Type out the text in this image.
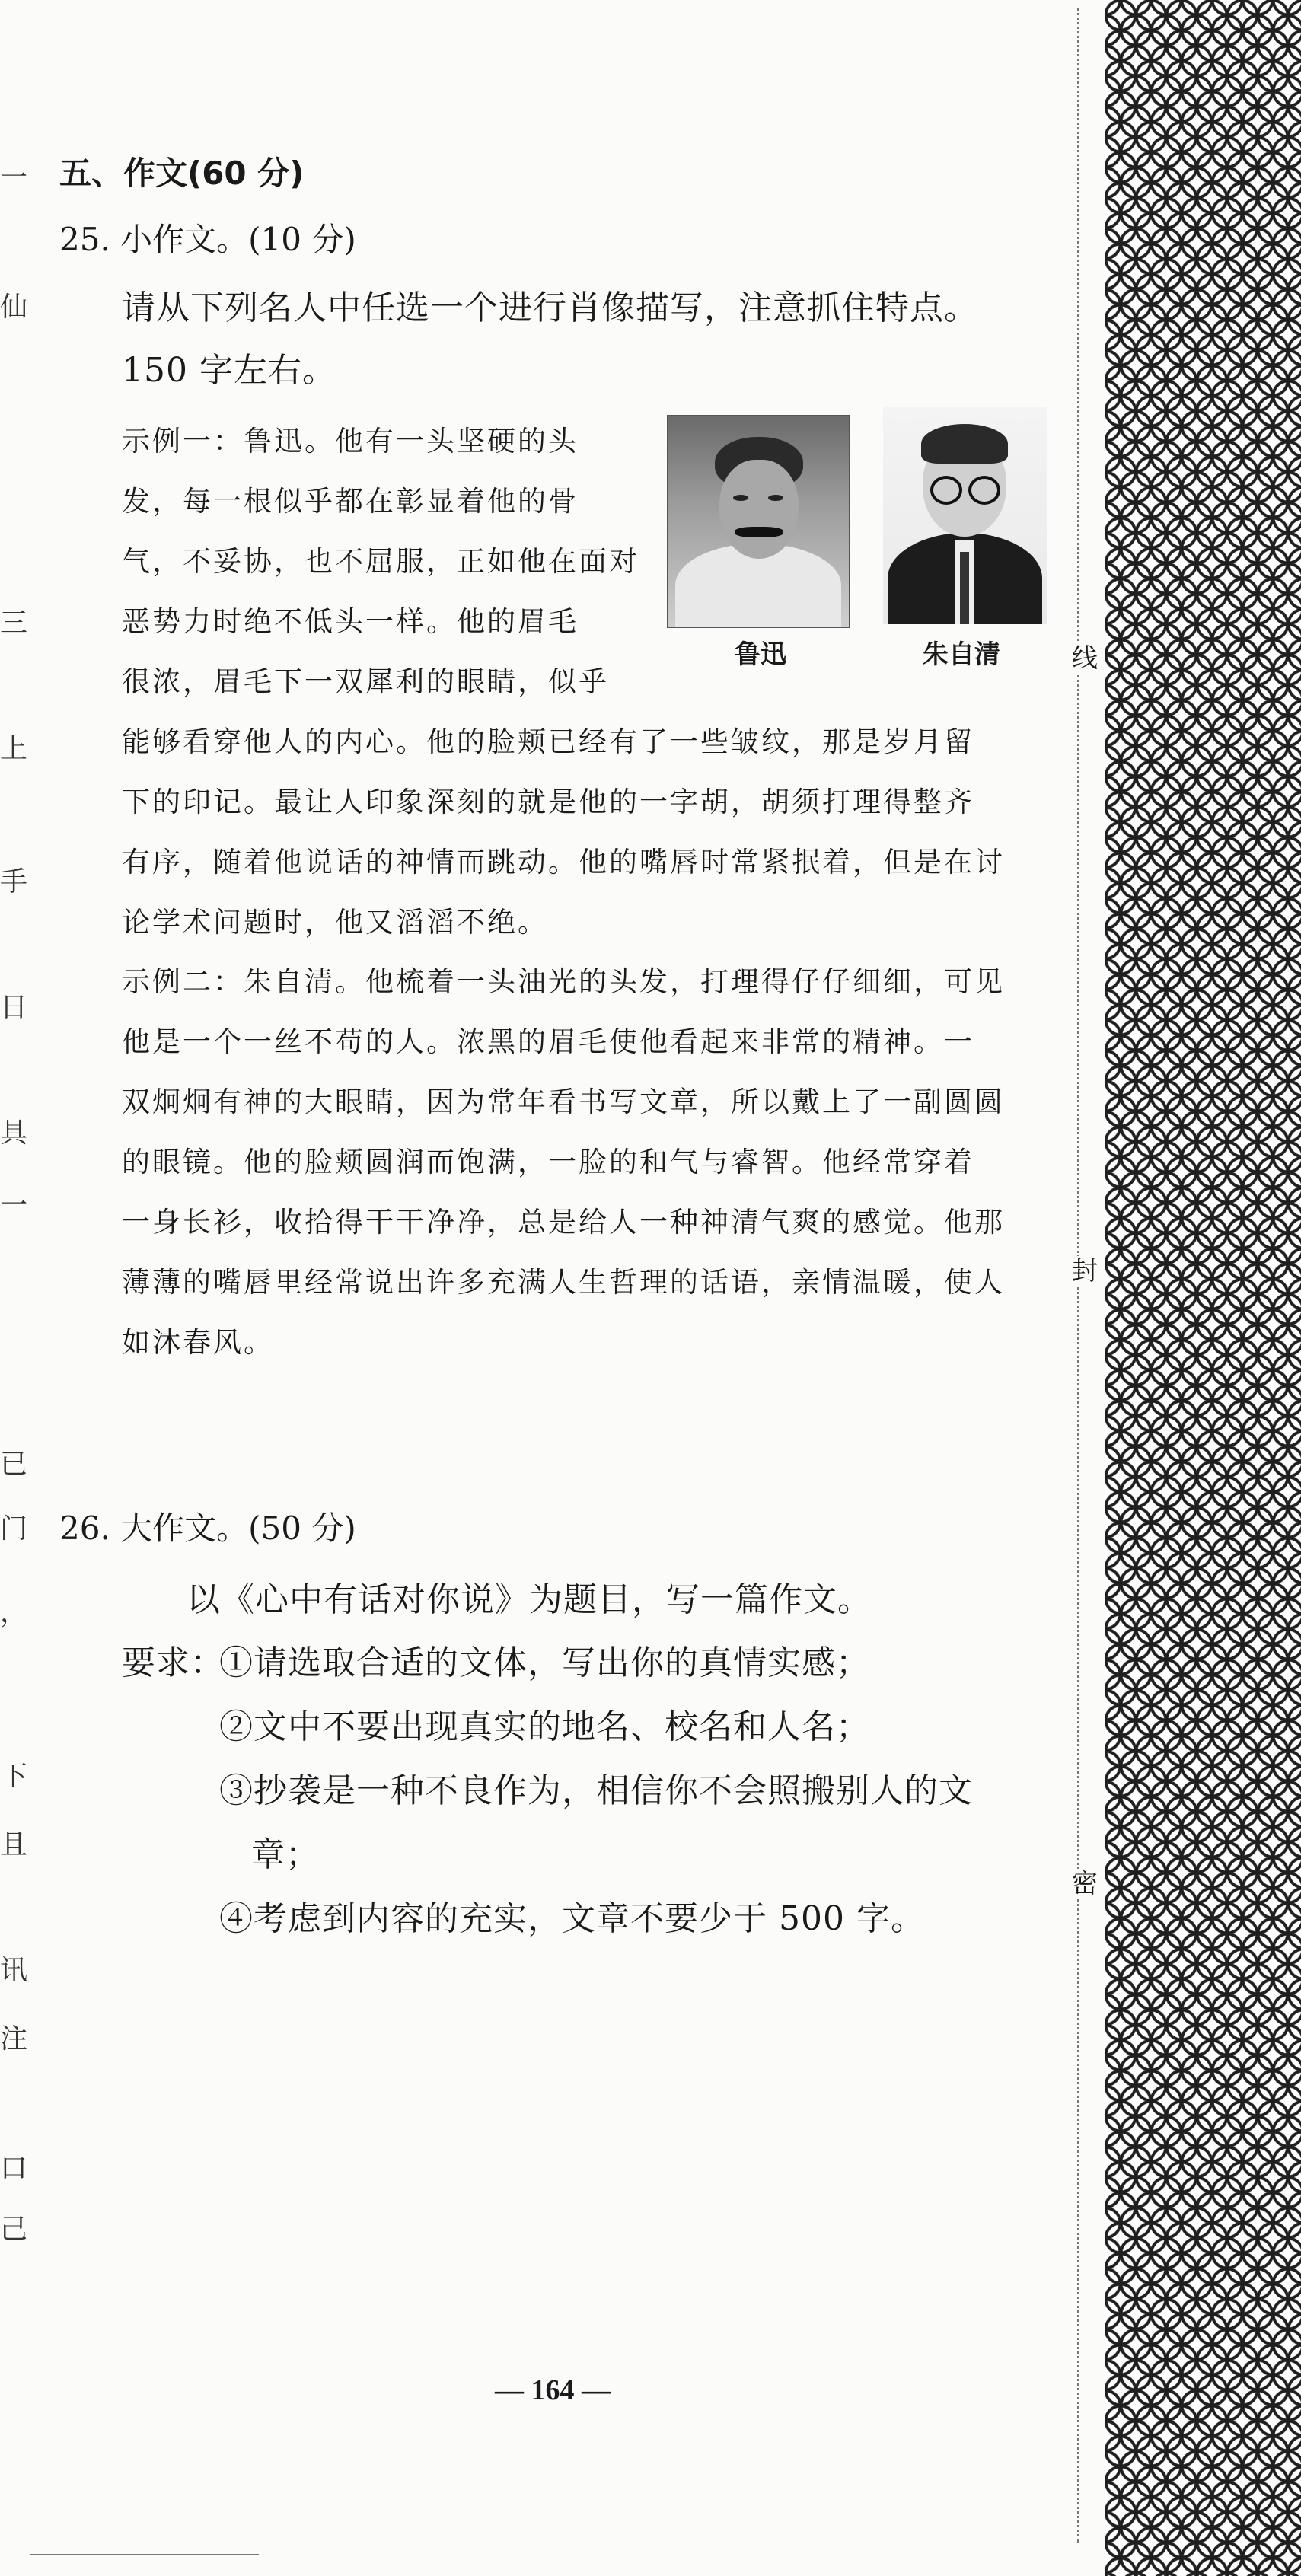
一
仙
三
上
手
日
具
一
已
门
，
下
且
讯
注
口
己
五、作文(60 分)
25. 小作文。(10 分)
请从下列名人中任选一个进行肖像描写，注意抓住特点。
150 字左右。
示例一：鲁迅。他有一头坚硬的头
发，每一根似乎都在彰显着他的骨
气，不妥协，也不屈服，正如他在面对
恶势力时绝不低头一样。他的眉毛
很浓，眉毛下一双犀利的眼睛，似乎
鲁迅	朱自清
能够看穿他人的内心。他的脸颊已经有了一些皱纹，那是岁月留
下的印记。最让人印象深刻的就是他的一字胡，胡须打理得整齐
有序，随着他说话的神情而跳动。他的嘴唇时常紧抿着，但是在讨
论学术问题时，他又滔滔不绝。
示例二：朱自清。他梳着一头油光的头发，打理得仔仔细细，可见
他是一个一丝不苟的人。浓黑的眉毛使他看起来非常的精神。一
双炯炯有神的大眼睛，因为常年看书写文章，所以戴上了一副圆圆
的眼镜。他的脸颊圆润而饱满，一脸的和气与睿智。他经常穿着
一身长衫，收拾得干干净净，总是给人一种神清气爽的感觉。他那
薄薄的嘴唇里经常说出许多充满人生哲理的话语，亲情温暖，使人
如沐春风。
26. 大作文。(50 分)
以《心中有话对你说》为题目，写一篇作文。
要求：
①请选取合适的文体，写出你的真情实感；
②文中不要出现真实的地名、校名和人名；
③抄袭是一种不良作为，相信你不会照搬别人的文
章；
④考虑到内容的充实，文章不要少于 500 字。
线
封
密
— 164 —
